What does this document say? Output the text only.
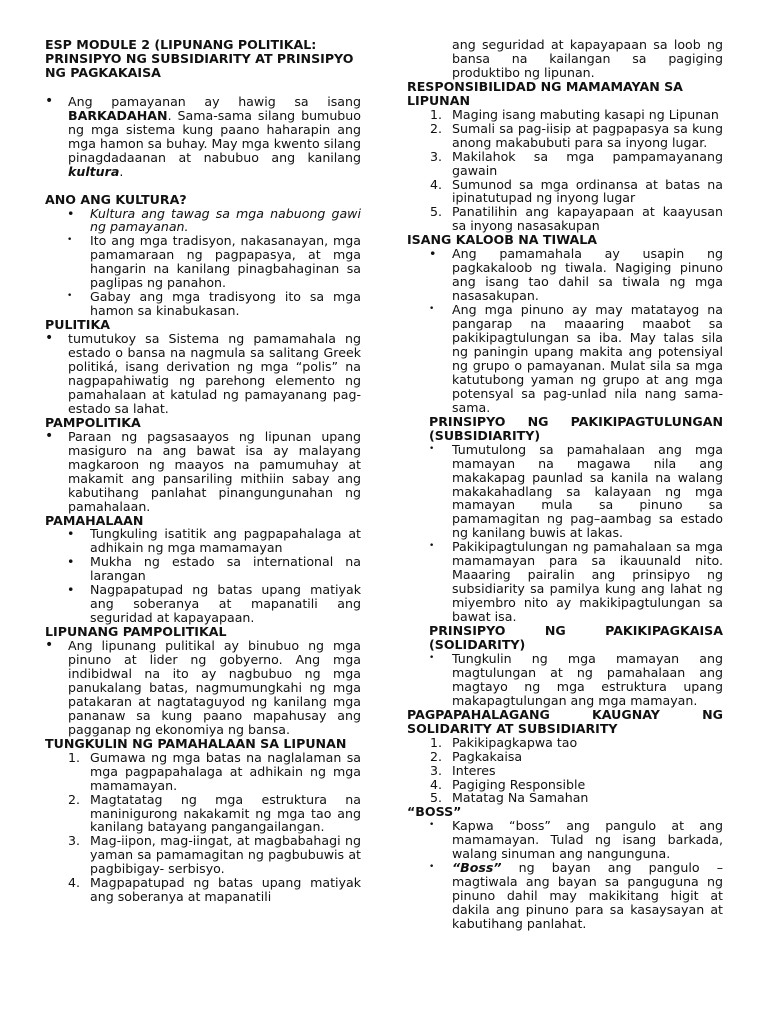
ESP MODULE 2 (LIPUNANG POLITIKAL: PRINSIPYO NG SUBSIDIARITY AT PRINSIPYO NG PAGKAKAISA
• Ang pamayanan ay hawig sa isang BARKADAHAN. Sama-sama silang bumubuo ng mga sistema kung paano haharapin ang mga hamon sa buhay. May mga kwento silang pinagdadaanan at nabubuo ang kanilang kultura.
ANO ANG KULTURA?
• Kultura ang tawag sa mga nabuong gawi ng pamayanan.
• Ito ang mga tradisyon, nakasanayan, mga pamamaraan ng pagpapasya, at mga hangarin na kanilang pinagbahaginan sa paglipas ng panahon.
• Gabay ang mga tradisyong ito sa mga hamon sa kinabukasan.
PULITIKA
• tumutukoy sa Sistema ng pamamahala ng estado o bansa na nagmula sa salitang Greek politiká, isang derivation ng mga “polis” na nagpapahiwatig ng parehong elemento ng pamahalaan at katulad ng pamayanang pag-estado sa lahat.
PAMPOLITIKA
• Paraan ng pagsasaayos ng lipunan upang masiguro na ang bawat isa ay malayang magkaroon ng maayos na pamumuhay at makamit ang pansariling mithiin sabay ang kabutihang panlahat pinangungunahan ng pamahalaan.
PAMAHALAAN
• Tungkuling isatitik ang pagpapahalaga at adhikain ng mga mamamayan
• Mukha ng estado sa international na larangan
• Nagpapatupad ng batas upang matiyak ang soberanya at mapanatili ang seguridad at kapayapaan.
LIPUNANG PAMPOLITIKAL
• Ang lipunang pulitikal ay binubuo ng mga pinuno at lider ng gobyerno. Ang mga indibidwal na ito ay nagbubuo ng mga panukalang batas, nagmumungkahi ng mga patakaran at nagtataguyod ng kanilang mga pananaw sa kung paano mapahusay ang pagganap ng ekonomiya ng bansa.
TUNGKULIN NG PAMAHALAAN SA LIPUNAN
1. Gumawa ng mga batas na naglalaman sa mga pagpapahalaga at adhikain ng mga mamamayan.
2. Magtatatag ng mga estruktura na maninigurong nakakamit ng mga tao ang kanilang batayang pangangailangan.
3. Mag-iipon, mag-iingat, at magbabahagi ng yaman sa pamamagitan ng pagbubuwis at pagbibigay- serbisyo.
4. Magpapatupad ng batas upang matiyak ang soberanya at mapanatili

ang seguridad at kapayapaan sa loob ng bansa na kailangan sa pagiging produktibo ng lipunan.

RESPONSIBILIDAD NG MAMAMAYAN SA LIPUNAN
1. Maging isang mabuting kasapi ng Lipunan
2. Sumali sa pag-iisip at pagpapasya sa kung anong makabubuti para sa inyong lugar.
3. Makilahok sa mga pampamayanang gawain
4. Sumunod sa mga ordinansa at batas na ipinatutupad ng inyong lugar
5. Panatilihin ang kapayapaan at kaayusan sa inyong nasasakupan
ISANG KALOOB NA TIWALA
• Ang pamamahala ay usapin ng pagkakaloob ng tiwala. Nagiging pinuno ang isang tao dahil sa tiwala ng mga nasasakupan.
• Ang mga pinuno ay may matatayog na pangarap na maaaring maabot sa pakikipagtulungan sa iba. May talas sila ng paningin upang makita ang potensiyal ng grupo o pamayanan. Mulat sila sa mga katutubong yaman ng grupo at ang mga potensyal sa pag-unlad nila nang sama-sama.
PRINSIPYO NG PAKIKIPAGTULUNGAN (SUBSIDIARITY)
• Tumutulong sa pamahalaan ang mga mamayan na magawa nila ang makakapag paunlad sa kanila na walang makakahadlang sa kalayaan ng mga mamayan mula sa pinuno sa pamamagitan ng pag–aambag sa estado ng kanilang buwis at lakas.
• Pakikipagtulungan ng pamahalaan sa mga mamamayan para sa ikauunald nito. Maaaring pairalin ang prinsipyo ng subsidiarity sa pamilya kung ang lahat ng miyembro nito ay makikipagtulungan sa bawat isa.
PRINSIPYO NG PAKIKIPAGKAISA (SOLIDARITY)
• Tungkulin ng mga mamayan ang magtulungan at ng pamahalaan ang magtayo ng mga estruktura upang makapagtulungan ang mga mamayan.
PAGPAPAHALAGANG KAUGNAY NG SOLIDARITY AT SUBSIDIARITY
1. Pakikipagkapwa tao
2. Pagkakaisa
3. Interes
4. Pagiging Responsible
5. Matatag Na Samahan
“BOSS”
• Kapwa “boss” ang pangulo at ang mamamayan. Tulad ng isang barkada, walang sinuman ang nangunguna.
• “Boss” ng bayan ang pangulo – magtiwala ang bayan sa panguguna ng pinuno dahil may makikitang higit at dakila ang pinuno para sa kasaysayan at kabutihang panlahat.
